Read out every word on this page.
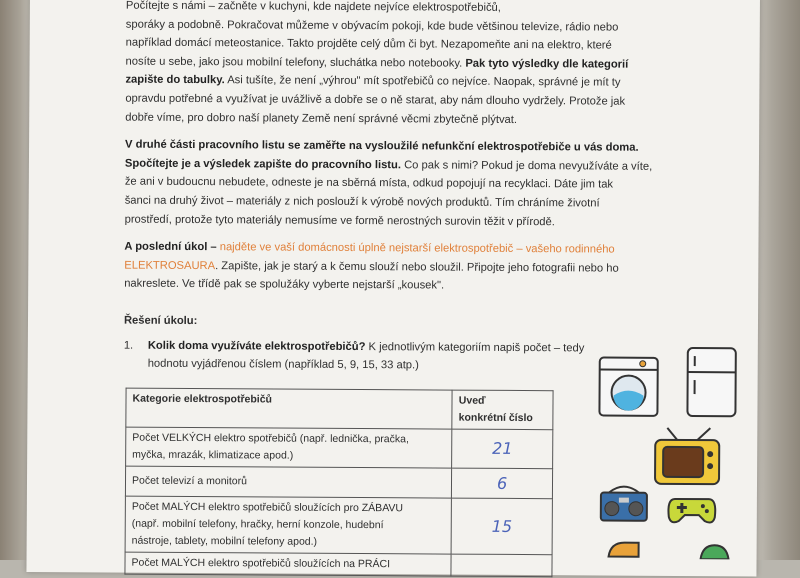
Počítejte s námi – začněte v kuchyni, kde najdete nejvíce elektrospotřebičů,
sporáky a podobně. Pokračovat můžeme v obývacím pokoji, kde bude většinou televize, rádio nebo
například domácí meteostanice. Takto projděte celý dům či byt. Nezapomeňte ani na elektro, které
nosíte u sebe, jako jsou mobilní telefony, sluchátka nebo notebooky. Pak tyto výsledky dle kategorií
zapište do tabulky. Asi tušíte, že není „výhrou" mít spotřebičů co nejvíce. Naopak, správné je mít ty
opravdu potřebné a využívat je uvážlivě a dobře se o ně starat, aby nám dlouho vydržely. Protože jak
dobře víme, pro dobro naší planety Země není správné věcmi zbytečně plýtvat.

V druhé části pracovního listu se zaměřte na vysloužilé nefunkční elektrospotřebiče u vás doma.
Spočítejte je a výsledek zapište do pracovního listu. Co pak s nimi? Pokud je doma nevyužíváte a víte,
že ani v budoucnu nebudete, odneste je na sběrná místa, odkud popojují na recyklaci. Dáte jim tak
šanci na druhý život – materiály z nich poslouží k výrobě nových produktů. Tím chráníme životní
prostředí, protože tyto materiály nemusíme ve formě nerostných surovin těžit v přírodě.

A poslední úkol – najděte ve vaší domácnosti úplně nejstarší elektrospotřebič – vašeho rodinného
ELEKTROSAURA. Zapište, jak je starý a k čemu slouží nebo sloužil. Připojte jeho fotografii nebo ho
nakreslete. Ve třídě pak se spolužáky vyberte nejstarší „kousek".

Řešení úkolu:
1. Kolik doma využíváte elektrospotřebičů? K jednotlivým kategoriím napiš počet – tedy
hodnotu vyjádřenou číslem (například 5, 9, 15, 33 atp.)
Kategorie elektrospotřebičů	Uveď
konkrétní číslo
Počet VELKÝCH elektro spotřebičů (např. lednička, pračka,
myčka, mrazák, klimatizace apod.)	21
Počet televizí a monitorů	6
Počet MALÝCH elektro spotřebičů sloužících pro ZÁBAVU
(např. mobilní telefony, hračky, herní konzole, hudební
nástroje, tablety, mobilní telefony apod.)	15
Počet MALÝCH elektro spotřebičů sloužících na PRÁCI	
